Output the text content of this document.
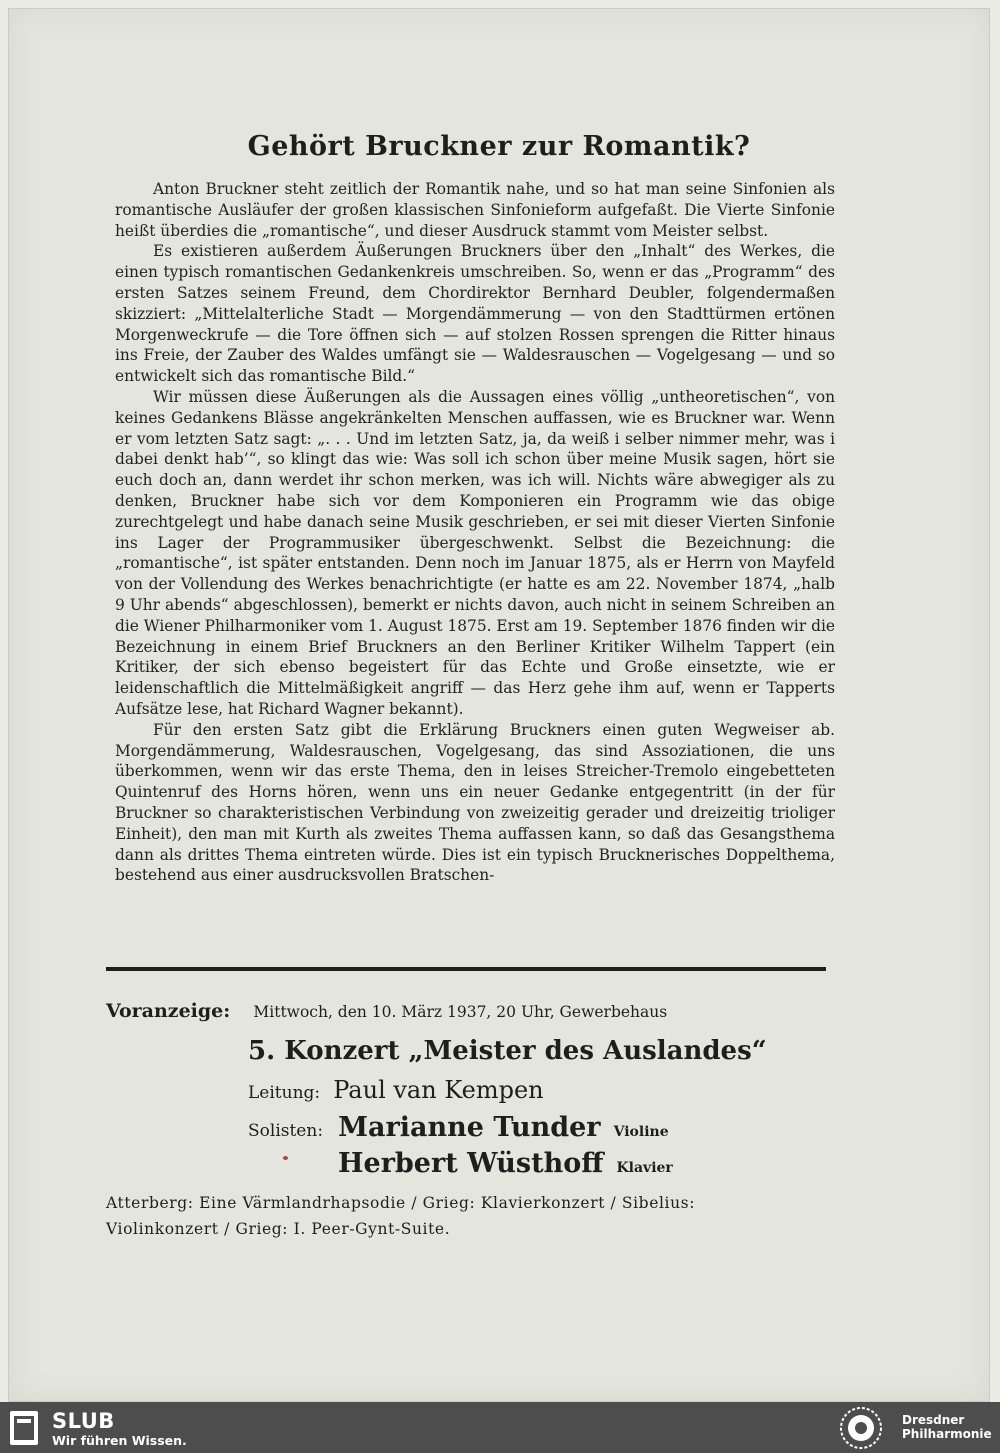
Gehört Bruckner zur Romantik?

Anton Bruckner steht zeitlich der Romantik nahe, und so hat man seine Sinfonien als romantische Ausläufer der großen klassischen Sinfonieform aufgefaßt. Die Vierte Sinfonie heißt überdies die „romantische“, und dieser Ausdruck stammt vom Meister selbst.

Es existieren außerdem Äußerungen Bruckners über den „Inhalt“ des Werkes, die einen typisch romantischen Gedankenkreis umschreiben. So, wenn er das „Programm“ des ersten Satzes seinem Freund, dem Chordirektor Bernhard Deubler, folgendermaßen skizziert: „Mittelalterliche Stadt — Morgendämmerung — von den Stadttürmen ertönen Morgenweckrufe — die Tore öffnen sich — auf stolzen Rossen sprengen die Ritter hinaus ins Freie, der Zauber des Waldes umfängt sie — Waldesrauschen — Vogelgesang — und so entwickelt sich das romantische Bild.“

Wir müssen diese Äußerungen als die Aussagen eines völlig „untheoretischen“, von keines Gedankens Blässe angekränkelten Menschen auffassen, wie es Bruckner war. Wenn er vom letzten Satz sagt: „. . . Und im letzten Satz, ja, da weiß i selber nimmer mehr, was i dabei denkt hab’“, so klingt das wie: Was soll ich schon über meine Musik sagen, hört sie euch doch an, dann werdet ihr schon merken, was ich will. Nichts wäre abwegiger als zu denken, Bruckner habe sich vor dem Komponieren ein Programm wie das obige zurechtgelegt und habe danach seine Musik geschrieben, er sei mit dieser Vierten Sinfonie ins Lager der Programmusiker übergeschwenkt. Selbst die Bezeichnung: die „romantische“, ist später entstanden. Denn noch im Januar 1875, als er Herrn von Mayfeld von der Vollendung des Werkes benachrichtigte (er hatte es am 22. November 1874, „halb 9 Uhr abends“ abgeschlossen), bemerkt er nichts davon, auch nicht in seinem Schreiben an die Wiener Philharmoniker vom 1. August 1875. Erst am 19. September 1876 finden wir die Bezeichnung in einem Brief Bruckners an den Berliner Kritiker Wilhelm Tappert (ein Kritiker, der sich ebenso begeistert für das Echte und Große einsetzte, wie er leidenschaftlich die Mittelmäßigkeit angriff — das Herz gehe ihm auf, wenn er Tapperts Aufsätze lese, hat Richard Wagner bekannt).

Für den ersten Satz gibt die Erklärung Bruckners einen guten Wegweiser ab. Morgendämmerung, Waldesrauschen, Vogelgesang, das sind Assoziationen, die uns überkommen, wenn wir das erste Thema, den in leises Streicher-Tremolo eingebetteten Quintenruf des Horns hören, wenn uns ein neuer Gedanke entgegentritt (in der für Bruckner so charakteristischen Verbindung von zweizeitig gerader und dreizeitig trioliger Einheit), den man mit Kurth als zweites Thema auffassen kann, so daß das Gesangsthema dann als drittes Thema eintreten würde. Dies ist ein typisch Brucknerisches Doppelthema, bestehend aus einer ausdrucksvollen Bratschen-

Voranzeige: Mittwoch, den 10. März 1937, 20 Uhr, Gewerbehaus
5. Konzert „Meister des Auslandes“
Leitung: Paul van Kempen
Solisten: Marianne Tunder Violine
Herbert Wüsthoff Klavier
Atterberg: Eine Värmlandrhapsodie / Grieg: Klavierkonzert / Sibelius:
Violinkonzert / Grieg: I. Peer-Gynt-Suite.
SLUB
Wir führen Wissen.
Dresdner
Philharmonie
